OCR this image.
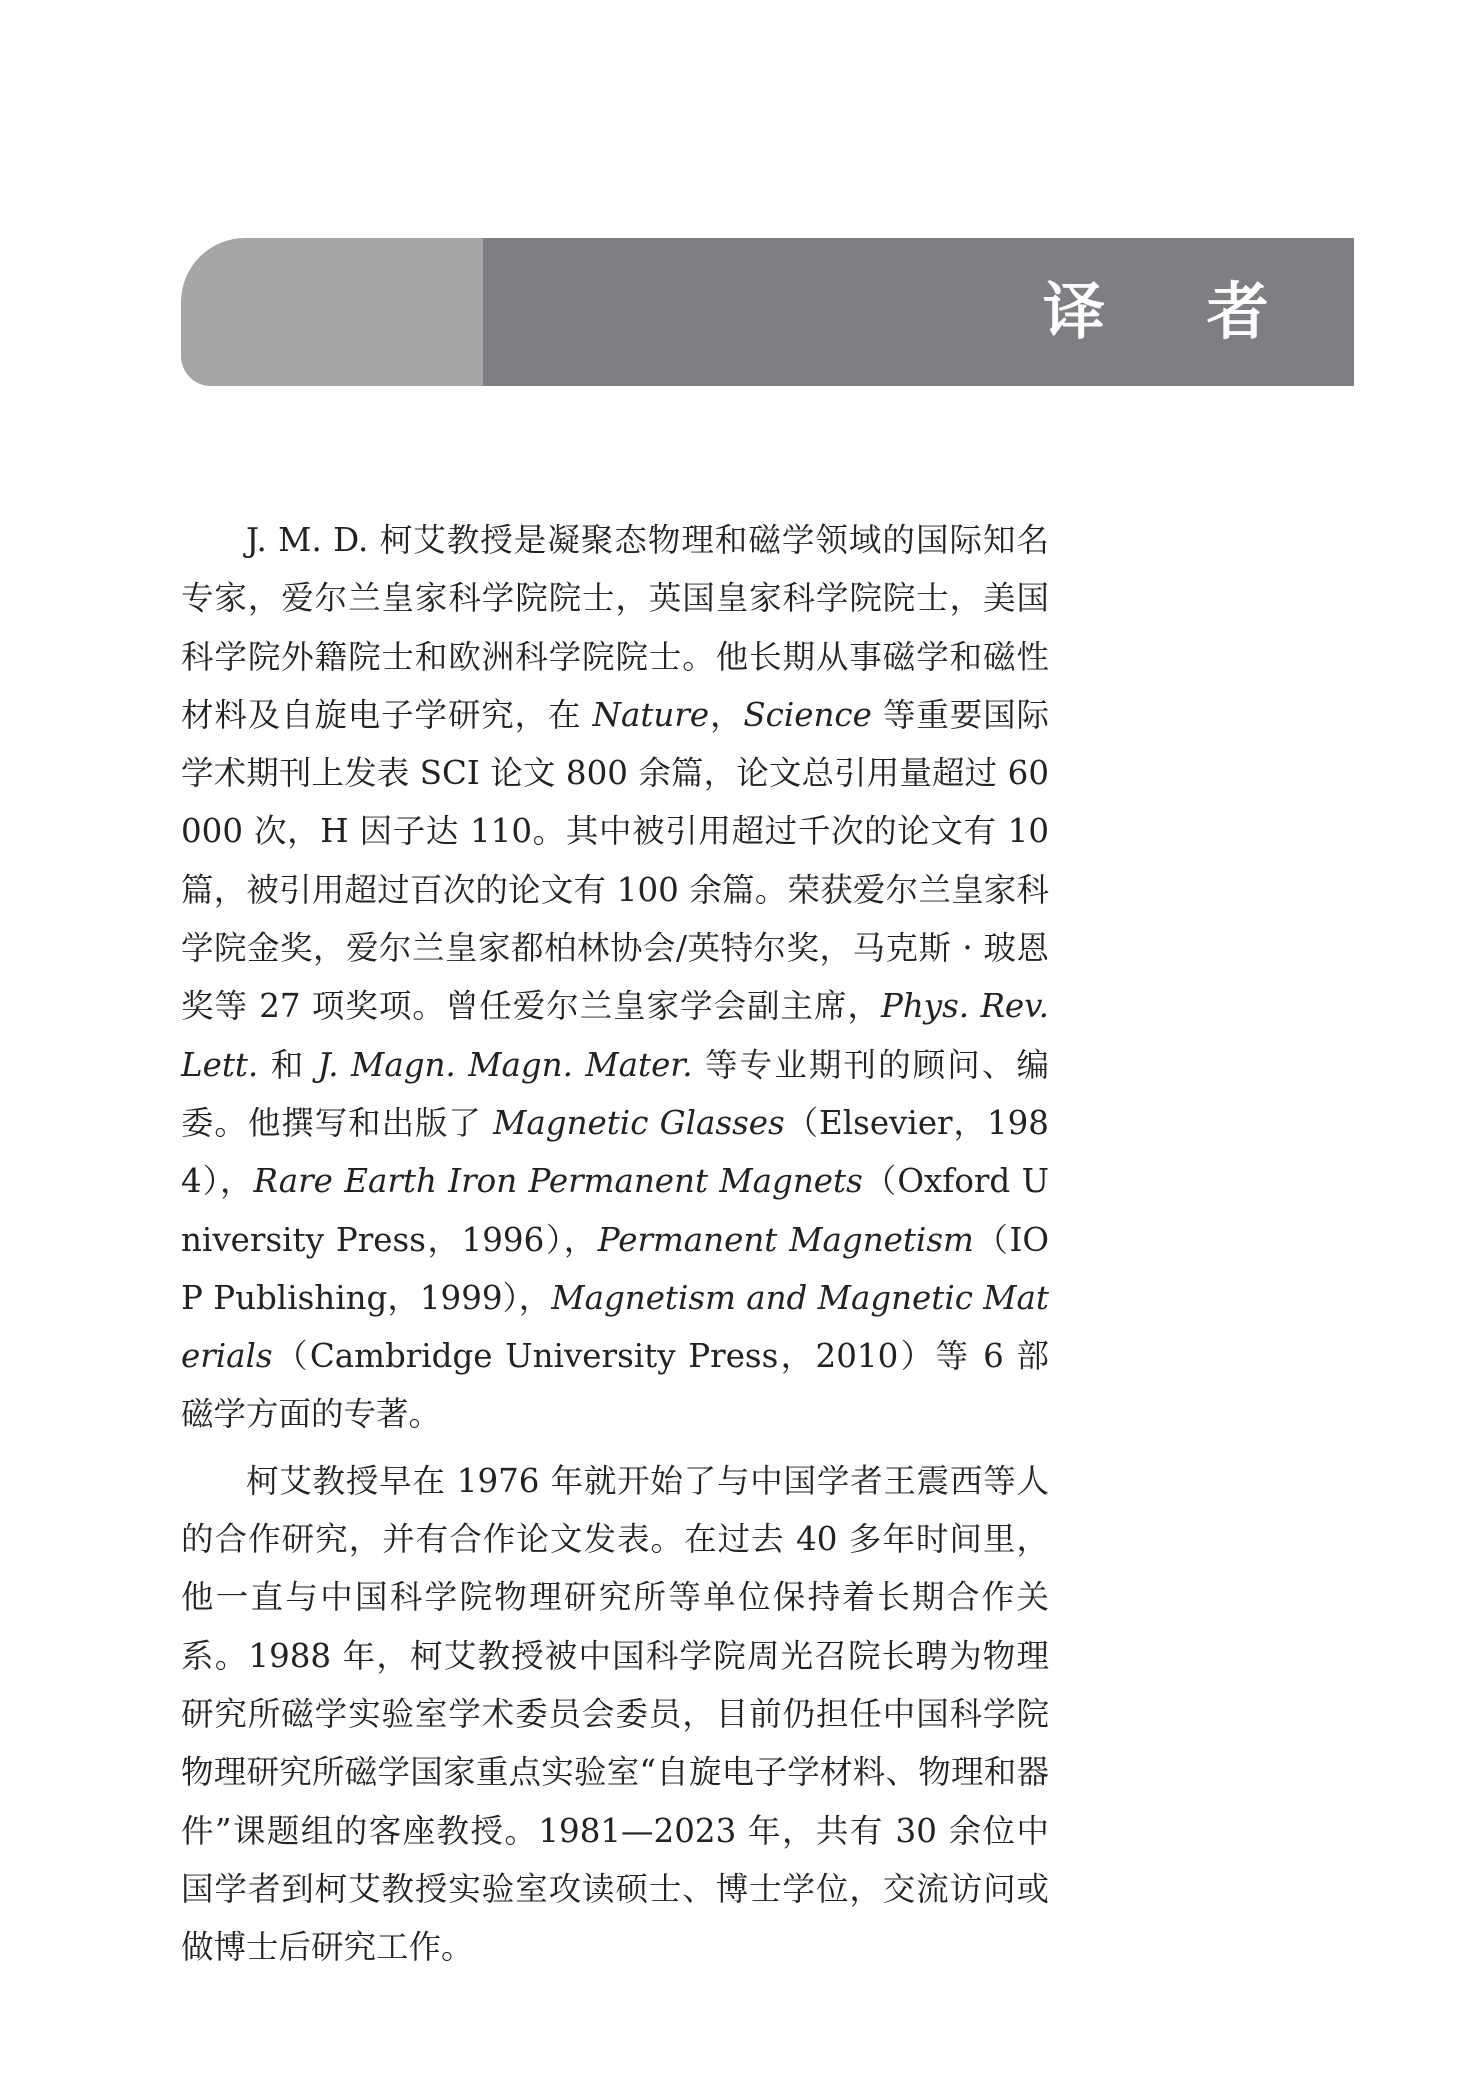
译 者 序

J. M. D. 柯艾教授是凝聚态物理和磁学领域的国际知名专家，爱尔兰皇家科学院院士，英国皇家科学院院士，美国科学院外籍院士和欧洲科学院院士。他长期从事磁学和磁性材料及自旋电子学研究，在 Nature，Science 等重要国际学术期刊上发表 SCI 论文 800 余篇，论文总引用量超过 60000 次，H 因子达 110。其中被引用超过千次的论文有 10 篇，被引用超过百次的论文有 100 余篇。荣获爱尔兰皇家科学院金奖，爱尔兰皇家都柏林协会/英特尔奖，马克斯 · 玻恩奖等 27 项奖项。曾任爱尔兰皇家学会副主席，Phys. Rev. Lett. 和 J. Magn. Magn. Mater. 等专业期刊的顾问、编委。他撰写和出版了 Magnetic Glasses（Elsevier，1984），Rare Earth Iron Permanent Magnets（Oxford University Press，1996），Permanent Magnetism（IOP Publishing，1999），Magnetism and Magnetic Materials（Cambridge University Press，2010）等 6 部磁学方面的专著。

柯艾教授早在 1976 年就开始了与中国学者王震西等人的合作研究，并有合作论文发表。在过去 40 多年时间里，他一直与中国科学院物理研究所等单位保持着长期合作关系。1988 年，柯艾教授被中国科学院周光召院长聘为物理研究所磁学实验室学术委员会委员，目前仍担任中国科学院物理研究所磁学国家重点实验室“自旋电子学材料、物理和器件”课题组的客座教授。1981—2023 年，共有 30 余位中国学者到柯艾教授实验室攻读硕士、博士学位，交流访问或做博士后研究工作。
